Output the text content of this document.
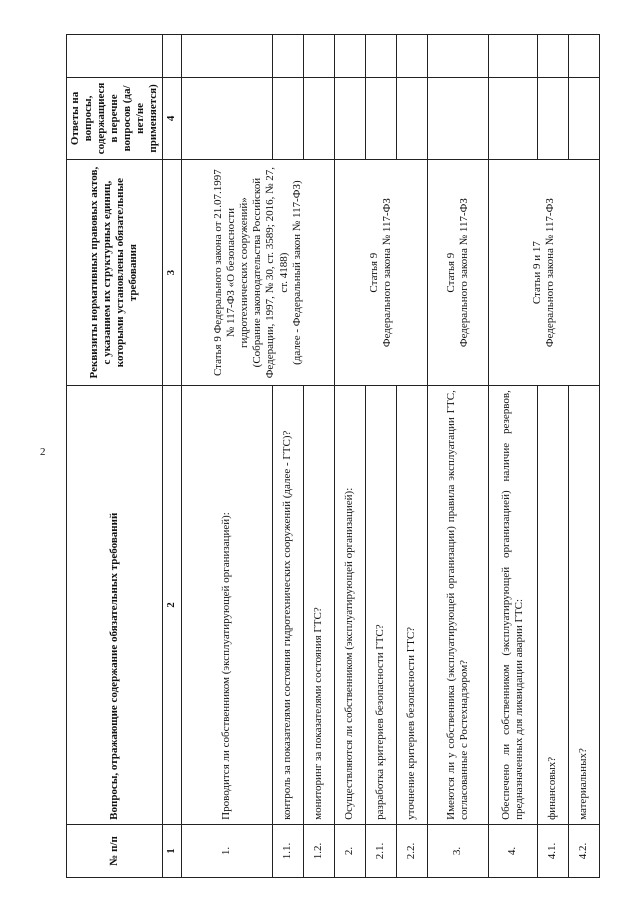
2
№ п/п	Вопросы, отражающие содержание обязательных требований	Реквизиты нормативных правовых актов, с указанием их структурных единиц, которыми установлены обязательные требования	Ответы на вопросы, содержащиеся в перечне вопросов (да/нет/не применяется)	
1	2	3	4	
1.	Проводится ли собственником (эксплуатирующей организацией):	Статья 9 Федерального закона от 21.07.1997 № 117-ФЗ «О безопасности гидротехнических сооружений» (Собрание законодательства Российской Федерации, 1997, № 30, ст. 3589; 2016, № 27, ст. 4188) (далее - Федеральный закон № 117-ФЗ)		

1.1.	контроль за показателями состояния гидротехнических сооружений (далее - ГТС)?			
1.2.	мониторинг за показателями состояния ГТС?			
2.	Осуществляются ли собственником (эксплуатирующей организацией):	Статья 9 Федерального закона № 117-ФЗ		

2.1.	разработка критериев безопасности ГТС?			
2.2.	уточнение критериев безопасности ГТС?			
3.	Имеются ли у собственника (эксплуатирующей организации) правила эксплуатации ГТС, согласованные с Ростехнадзором?	Статья 9 Федерального закона № 117-ФЗ		

4.	Обеспечено ли собственником (эксплуатирующей организацией) наличие резервов, предназначенных для ликвидации аварии ГТС:	Статьи 9 и 17 Федерального закона № 117-ФЗ		

4.1.	финансовых?			
4.2.	материальных?			
